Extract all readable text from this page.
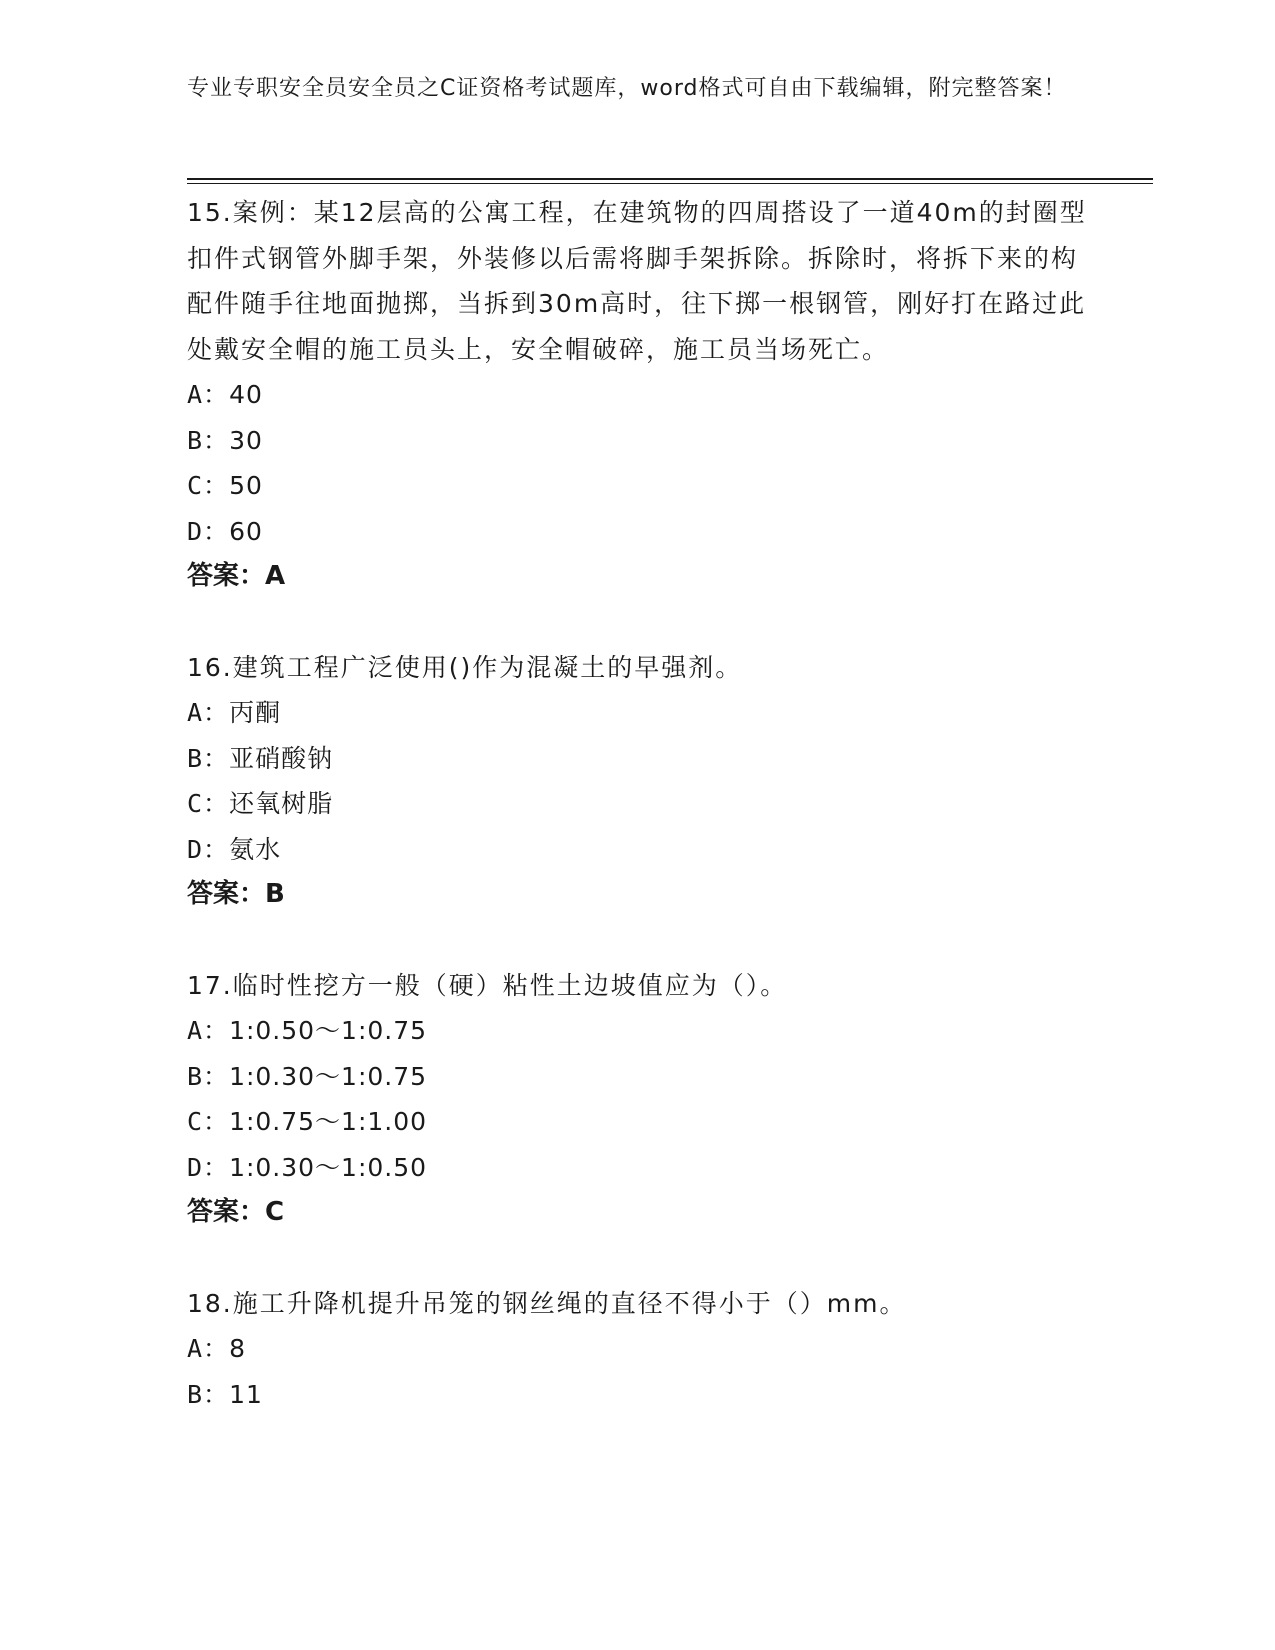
专业专职安全员安全员之C证资格考试题库，word格式可自由下载编辑，附完整答案！
15.案例：某12层高的公寓工程，在建筑物的四周搭设了一道40m的封圈型扣件式钢管外脚手架，外装修以后需将脚手架拆除。拆除时，将拆下来的构配件随手往地面抛掷，当拆到30m高时，往下掷一根钢管，刚好打在路过此处戴安全帽的施工员头上，安全帽破碎，施工员当场死亡。
A：40
B：30
C：50
D：60
答案：A
16.建筑工程广泛使用()作为混凝土的早强剂。
A：丙酮
B：亚硝酸钠
C：还氧树脂
D：氨水
答案：B
17.临时性挖方一般（硬）粘性土边坡值应为（）。
A：1:0.50～1:0.75
B：1:0.30～1:0.75
C：1:0.75～1:1.00
D：1:0.30～1:0.50
答案：C
18.施工升降机提升吊笼的钢丝绳的直径不得小于（）mm。
A：8
B：11
